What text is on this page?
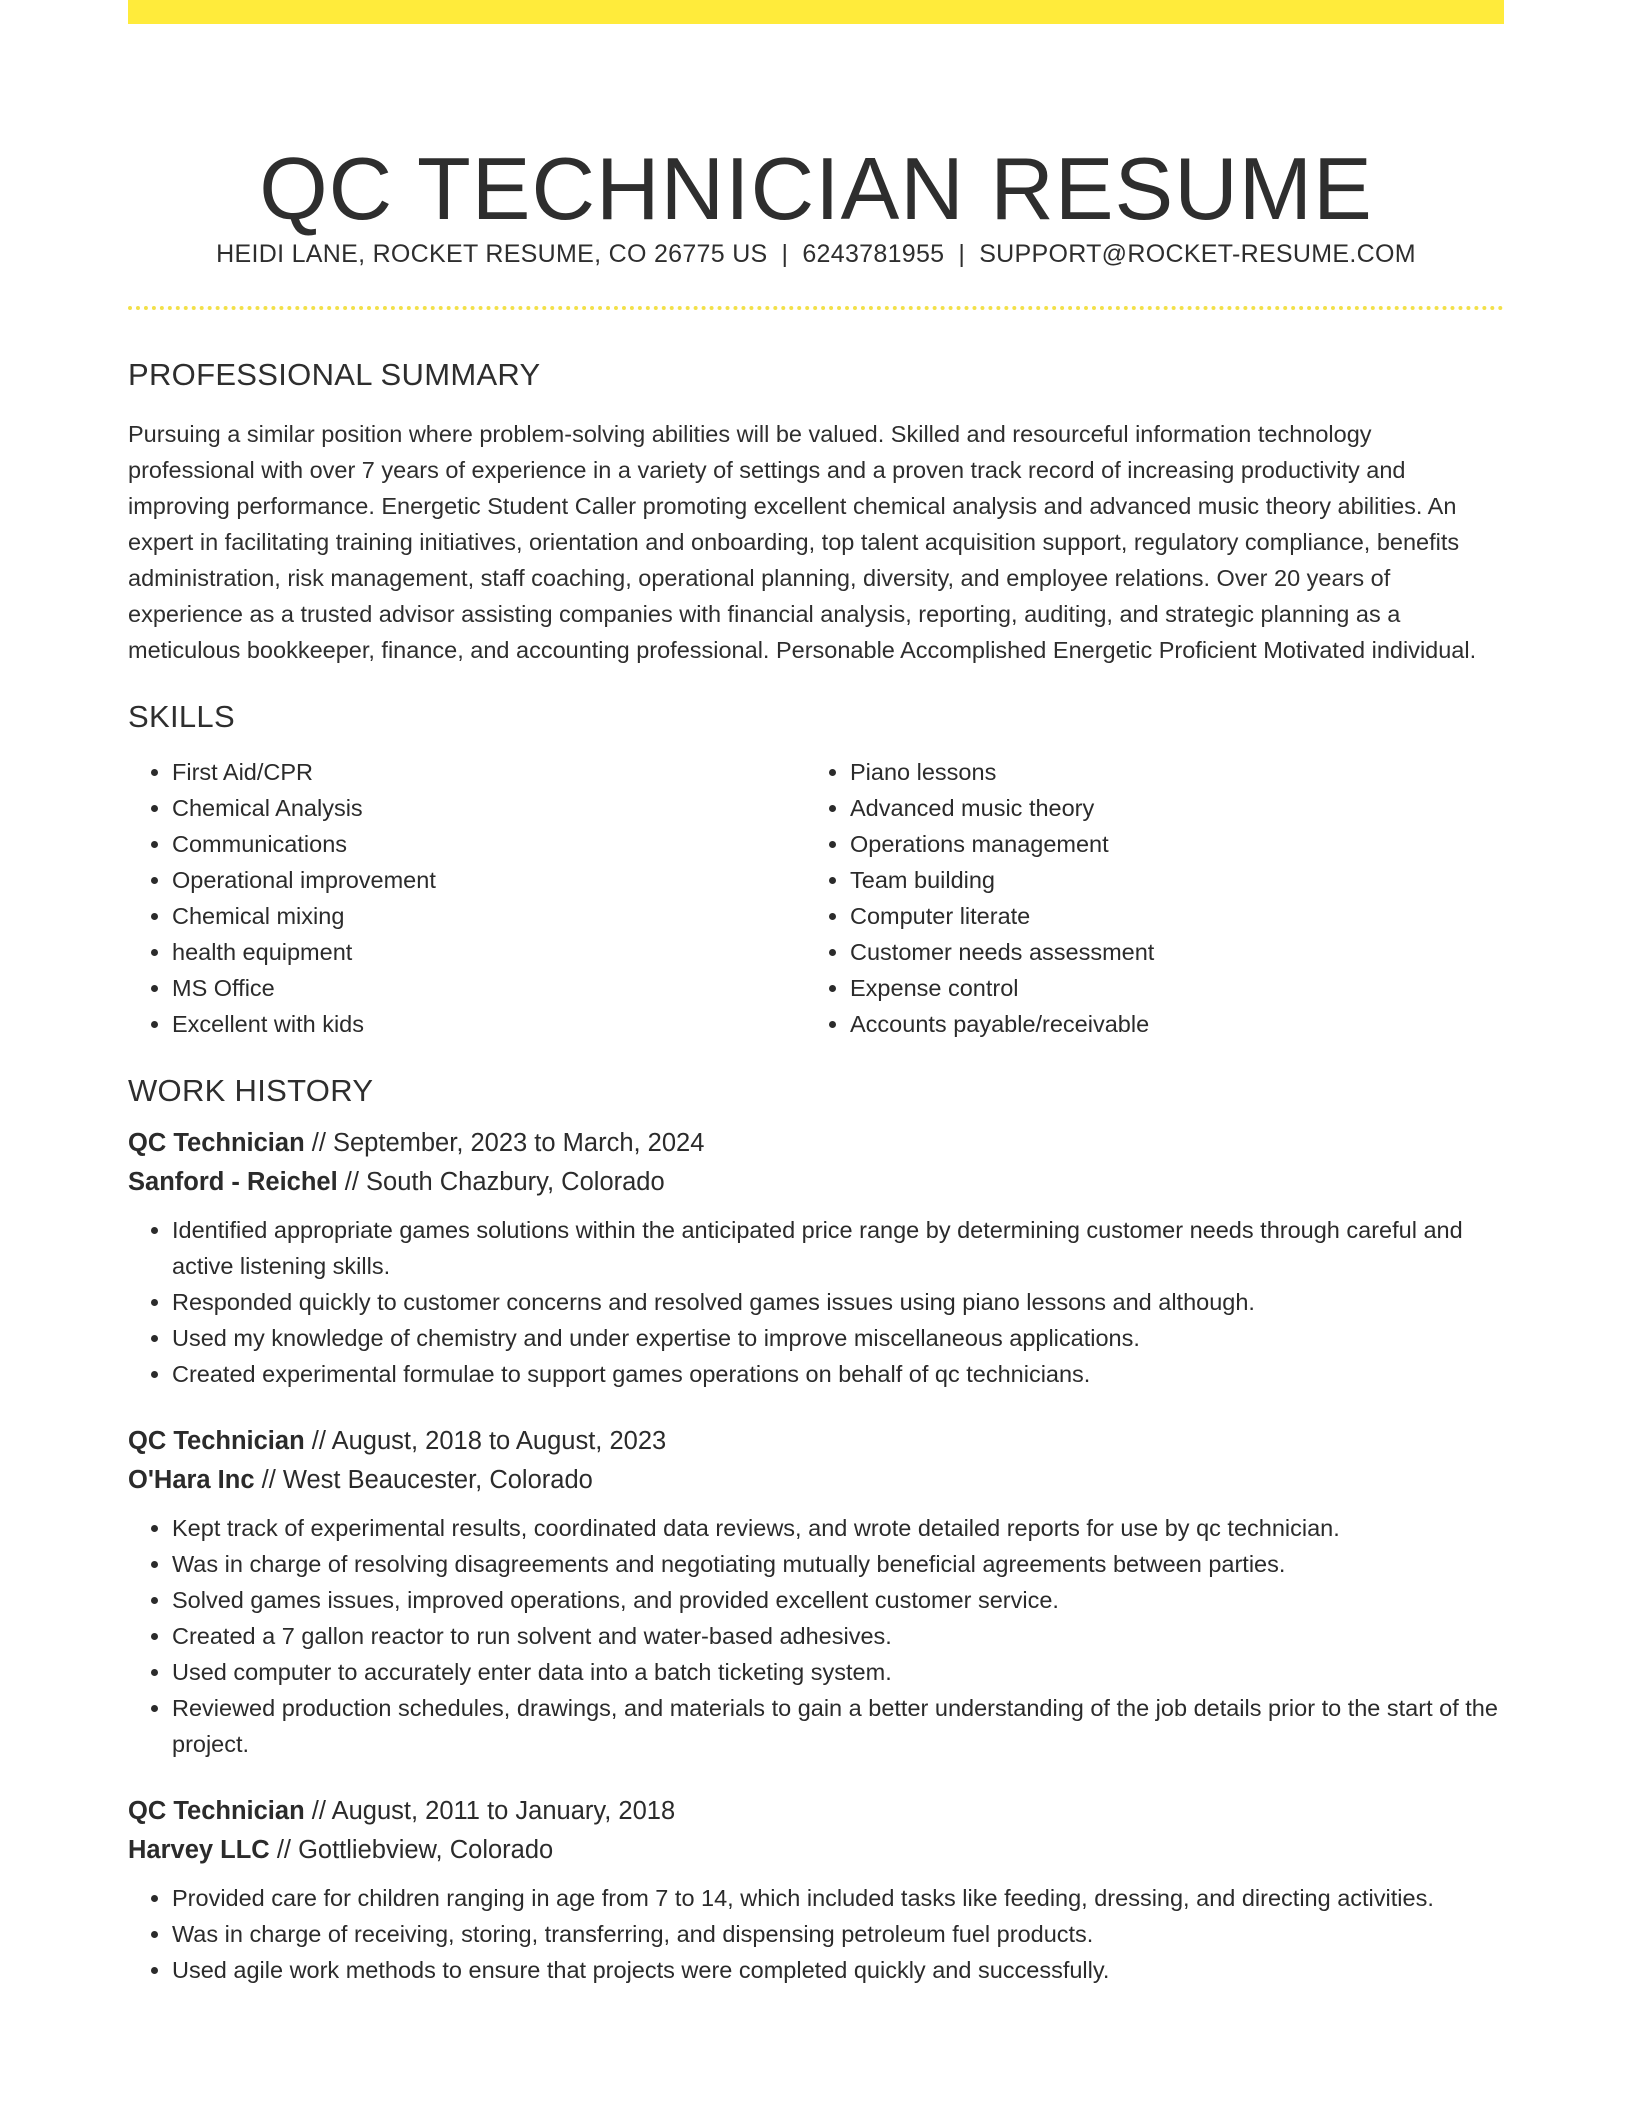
QC TECHNICIAN RESUME
HEIDI LANE, ROCKET RESUME, CO 26775 US | 6243781955 | SUPPORT@ROCKET-RESUME.COM
PROFESSIONAL SUMMARY

Pursuing a similar position where problem-solving abilities will be valued. Skilled and resourceful information technology professional with over 7 years of experience in a variety of settings and a proven track record of increasing productivity and improving performance. Energetic Student Caller promoting excellent chemical analysis and advanced music theory abilities. An expert in facilitating training initiatives, orientation and onboarding, top talent acquisition support, regulatory compliance, benefits administration, risk management, staff coaching, operational planning, diversity, and employee relations. Over 20 years of experience as a trusted advisor assisting companies with financial analysis, reporting, auditing, and strategic planning as a meticulous bookkeeper, finance, and accounting professional. Personable Accomplished Energetic Proficient Motivated individual.

SKILLS
• First Aid/CPR
• Chemical Analysis
• Communications
• Operational improvement
• Chemical mixing
• health equipment
• MS Office
• Excellent with kids
• Piano lessons
• Advanced music theory
• Operations management
• Team building
• Computer literate
• Customer needs assessment
• Expense control
• Accounts payable/receivable
WORK HISTORY
QC Technician // September, 2023 to March, 2024
Sanford - Reichel // South Chazbury, Colorado
• Identified appropriate games solutions within the anticipated price range by determining customer needs through careful and active listening skills.
• Responded quickly to customer concerns and resolved games issues using piano lessons and although.
• Used my knowledge of chemistry and under expertise to improve miscellaneous applications.
• Created experimental formulae to support games operations on behalf of qc technicians.
QC Technician // August, 2018 to August, 2023
O'Hara Inc // West Beaucester, Colorado
• Kept track of experimental results, coordinated data reviews, and wrote detailed reports for use by qc technician.
• Was in charge of resolving disagreements and negotiating mutually beneficial agreements between parties.
• Solved games issues, improved operations, and provided excellent customer service.
• Created a 7 gallon reactor to run solvent and water-based adhesives.
• Used computer to accurately enter data into a batch ticketing system.
• Reviewed production schedules, drawings, and materials to gain a better understanding of the job details prior to the start of the project.
QC Technician // August, 2011 to January, 2018
Harvey LLC // Gottliebview, Colorado
• Provided care for children ranging in age from 7 to 14, which included tasks like feeding, dressing, and directing activities.
• Was in charge of receiving, storing, transferring, and dispensing petroleum fuel products.
• Used agile work methods to ensure that projects were completed quickly and successfully.
